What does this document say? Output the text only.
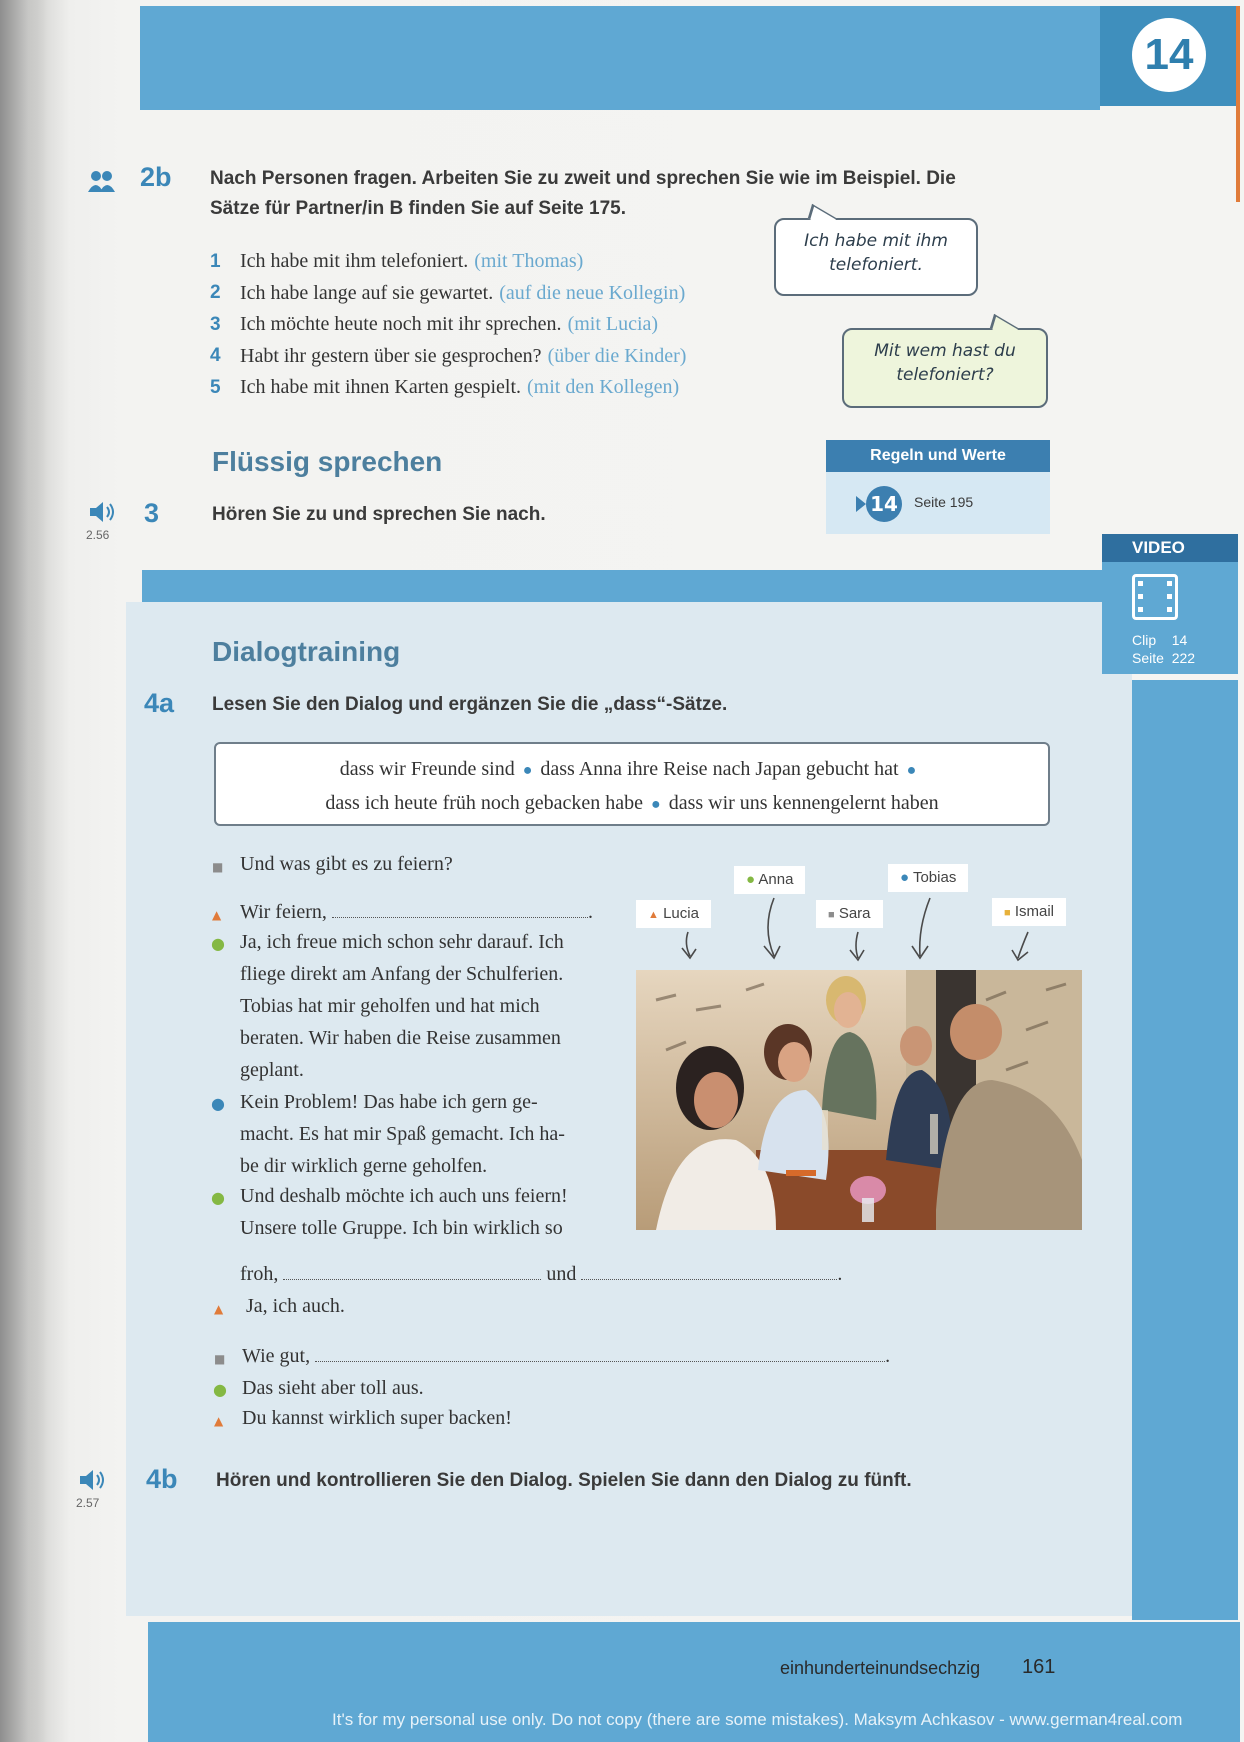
14
2b Nach Personen fragen. Arbeiten Sie zu zweit und sprechen Sie wie im Beispiel. Die
Sätze für Partner/in B finden Sie auf Seite 175.
1 Ich habe mit ihm telefoniert. (mit Thomas)
2 Ich habe lange auf sie gewartet. (auf die neue Kollegin)
3 Ich möchte heute noch mit ihr sprechen. (mit Lucia)
4 Habt ihr gestern über sie gesprochen? (über die Kinder)
5 Ich habe mit ihnen Karten gespielt. (mit den Kollegen)
Ich habe mit ihm
telefoniert.
Mit wem hast du
telefoniert?
Flüssig sprechen
2.56
3	Hören Sie zu und sprechen Sie nach.
Regeln und Werte
14 Seite 195
VIDEO
Clip 14
Seite 222
Dialogtraining
4a Lesen Sie den Dialog und ergänzen Sie die „dass“-Sätze.
dass wir Freunde sind ● dass Anna ihre Reise nach Japan gebucht hat ●
dass ich heute früh noch gebacken habe ● dass wir uns kennengelernt haben
■ Und was gibt es zu feiern?
▲ Wir feiern,	.
● Ja, ich freue mich schon sehr darauf. Ich
fliege direkt am Anfang der Schulferien.
Tobias hat mir geholfen und hat mich
beraten. Wir haben die Reise zusammen
geplant.
● Kein Problem! Das habe ich gern ge-
macht. Es hat mir Spaß gemacht. Ich ha-
be dir wirklich gerne geholfen.
● Und deshalb möchte ich auch uns feiern!
Unsere tolle Gruppe. Ich bin wirklich so
froh,	und	.
▲ Ja, ich auch.
■ Wie gut,	.
● Das sieht aber toll aus.
▲ Du kannst wirklich super backen!
▲ Lucia
● Anna
■ Sara
● Tobias
■ Ismail
2.57
4b Hören und kontrollieren Sie den Dialog. Spielen Sie dann den Dialog zu fünft.
einhunderteinundsechzig 161
It's for my personal use only. Do not copy (there are some mistakes). Maksym Achkasov - www.german4real.com
